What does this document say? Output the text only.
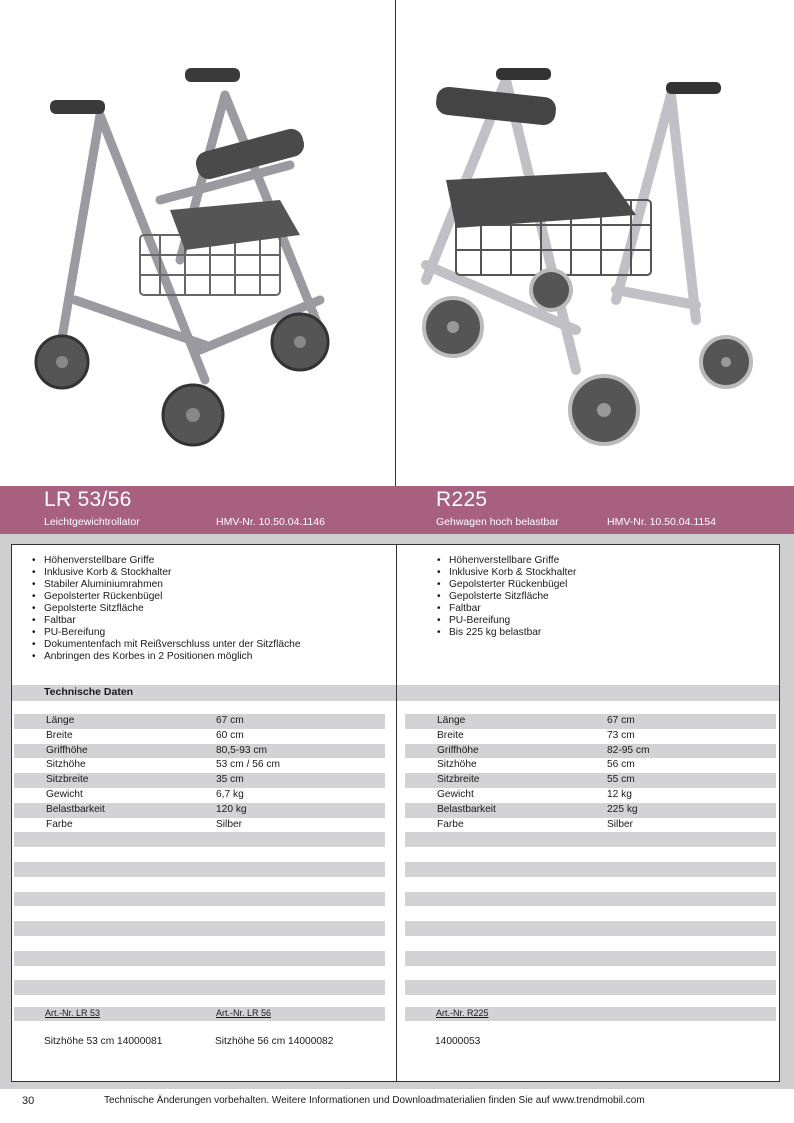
LR 53/56
Leichtgewichtrollator	HMV-Nr. 10.50.04.1146
R225
Gehwagen hoch belastbar	HMV-Nr. 10.50.04.1154
• Höhenverstellbare Griffe
• Inklusive Korb & Stockhalter
• Stabiler Aluminiumrahmen
• Gepolsterter Rückenbügel
• Gepolsterte Sitzfläche
• Faltbar
• PU-Bereifung
• Dokumentenfach mit Reißverschluss unter der Sitzfläche
• Anbringen des Korbes in 2 Positionen möglich
Technische Daten
Länge	67 cm
Breite	60 cm
Griffhöhe	80,5-93 cm
Sitzhöhe	53 cm / 56 cm
Sitzbreite	35 cm
Gewicht	6,7 kg
Belastbarkeit	120 kg
Farbe	Silber
Art.-Nr. LR 53	Art.-Nr. LR 56
Sitzhöhe 53 cm 14000081	Sitzhöhe 56 cm 14000082
• Höhenverstellbare Griffe
• Inklusive Korb & Stockhalter
• Gepolsterter Rückenbügel
• Gepolsterte Sitzfläche
• Faltbar
• PU-Bereifung
• Bis 225 kg belastbar
Länge	67 cm
Breite	73 cm
Griffhöhe	82-95 cm
Sitzhöhe	56 cm
Sitzbreite	55 cm
Gewicht	12 kg
Belastbarkeit	225 kg
Farbe	Silber
Art.-Nr. R225
14000053
30	Technische Änderungen vorbehalten. Weitere Informationen und Downloadmaterialien finden Sie auf www.trendmobil.com
